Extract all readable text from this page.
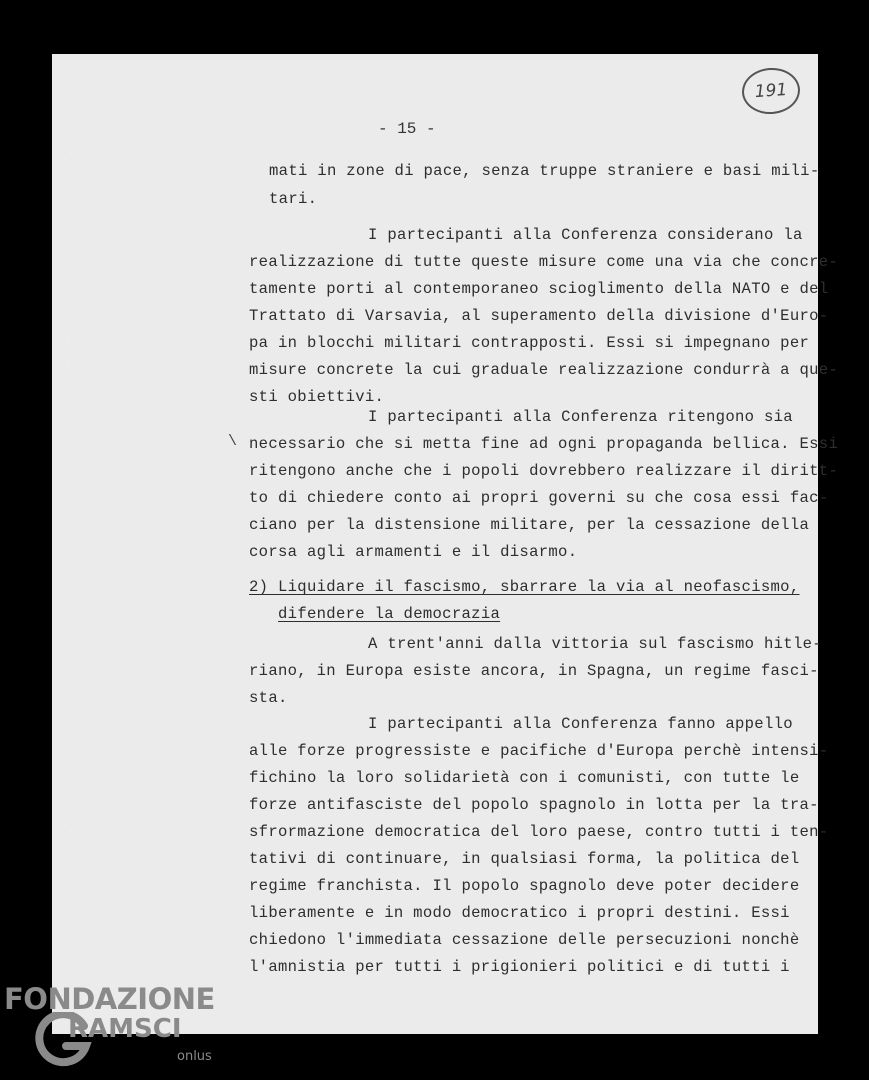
191
- 15 -
mati in zone di pace, senza truppe straniere e basi mili-
tari.
I partecipanti alla Conferenza considerano la
realizzazione di tutte queste misure come una via che concre-
tamente porti al contemporaneo scioglimento della NATO e del
Trattato di Varsavia, al superamento della divisione d'Euro-
pa in blocchi militari contrapposti. Essi si impegnano per
misure concrete la cui graduale realizzazione condurrà a que-
sti obiettivi.
I partecipanti alla Conferenza ritengono sia
necessario che si metta fine ad ogni propaganda bellica. Essi
ritengono anche che i popoli dovrebbero realizzare il diritt-
to di chiedere conto ai propri governi su che cosa essi fac-
ciano per la distensione militare, per la cessazione della
corsa agli armamenti e il disarmo.
2) Liquidare il fascismo, sbarrare la via al neofascismo,
difendere la democrazia
A trent'anni dalla vittoria sul fascismo hitle-
riano, in Europa esiste ancora, in Spagna, un regime fasci-
sta.
I partecipanti alla Conferenza fanno appello
alle forze progressiste e pacifiche d'Europa perchè intensi-
fichino la loro solidarietà con i comunisti, con tutte le
forze antifasciste del popolo spagnolo in lotta per la tra-
sfrormazione democratica del loro paese, contro tutti i ten-
tativi di continuare, in qualsiasi forma, la politica del
regime franchista. Il popolo spagnolo deve poter decidere
liberamente e in modo democratico i propri destini. Essi
chiedono l'immediata cessazione delle persecuzioni nonchè
l'amnistia per tutti i prigionieri politici e di tutti i
\
FONDAZIONE
RAMSCI
onlus
